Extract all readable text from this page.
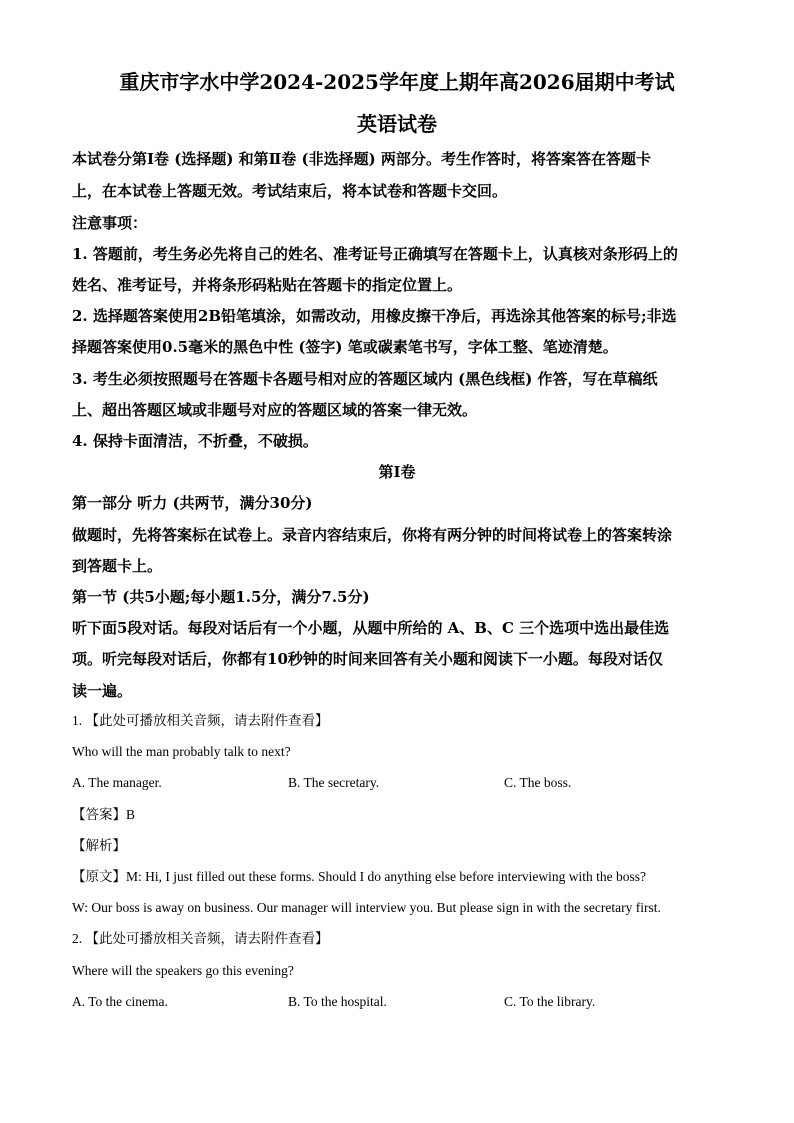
重庆市字水中学2024-2025学年度上期年高2026届期中考试
英语试卷
本试卷分第Ⅰ卷 (选择题) 和第Ⅱ卷 (非选择题) 两部分。考生作答时，将答案答在答题卡
上，在本试卷上答题无效。考试结束后，将本试卷和答题卡交回。
注意事项：
1. 答题前，考生务必先将自己的姓名、准考证号正确填写在答题卡上，认真核对条形码上的
姓名、准考证号，并将条形码粘贴在答题卡的指定位置上。
2. 选择题答案使用2B铅笔填涂，如需改动，用橡皮擦干净后，再选涂其他答案的标号;非选
择题答案使用0.5毫米的黑色中性 (签字) 笔或碳素笔书写，字体工整、笔迹清楚。
3. 考生必须按照题号在答题卡各题号相对应的答题区域内 (黑色线框) 作答，写在草稿纸
上、超出答题区域或非题号对应的答题区域的答案一律无效。
4. 保持卡面清洁，不折叠，不破损。
第Ⅰ卷
第一部分 听力 (共两节，满分30分)
做题时，先将答案标在试卷上。录音内容结束后，你将有两分钟的时间将试卷上的答案转涂
到答题卡上。
第一节 (共5小题;每小题1.5分，满分7.5分)
听下面5段对话。每段对话后有一个小题，从题中所给的 A、B、C 三个选项中选出最佳选
项。听完每段对话后，你都有10秒钟的时间来回答有关小题和阅读下一小题。每段对话仅
读一遍。
1. 【此处可播放相关音频，请去附件查看】
Who will the man probably talk to next?
A. The manager.	B. The secretary.	C. The boss.
【答案】B
【解析】
【原文】M: Hi, I just filled out these forms. Should I do anything else before interviewing with the boss?
W: Our boss is away on business. Our manager will interview you. But please sign in with the secretary first.
2. 【此处可播放相关音频，请去附件查看】
Where will the speakers go this evening?
A. To the cinema.	B. To the hospital.	C. To the library.
